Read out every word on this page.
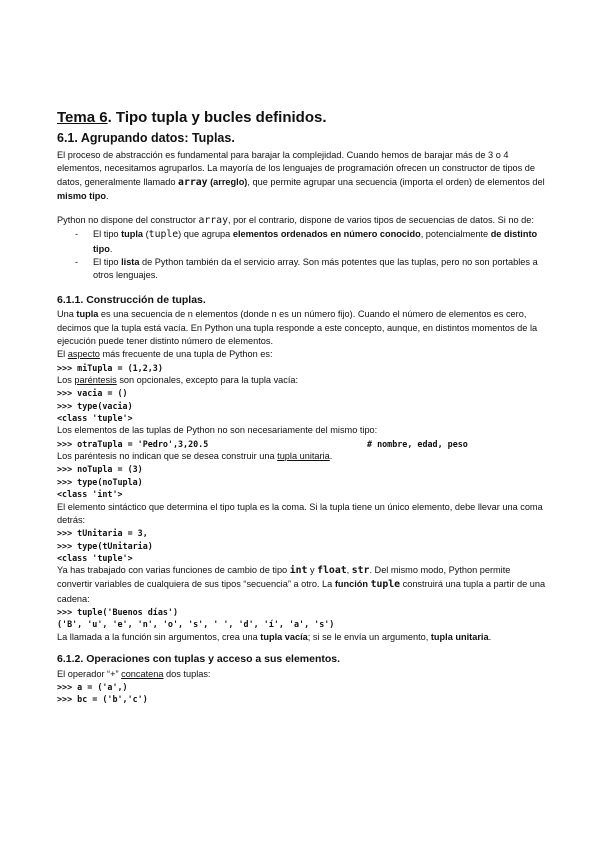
Tema 6. Tipo tupla y bucles definidos.
6.1. Agrupando datos: Tuplas.

El proceso de abstracción es fundamental para barajar la complejidad. Cuando hemos de barajar más de 3 o 4 elementos, necesitamos agruparlos. La mayoría de los lenguajes de programación ofrecen un constructor de tipos de datos, generalmente llamado array (arreglo), que permite agrupar una secuencia (importa el orden) de elementos del mismo tipo.

Python no dispone del constructor array, por el contrario, dispone de varios tipos de secuencias de datos. Si no de:

- El tipo tupla (tuple) que agrupa elementos ordenados en número conocido, potencialmente de distinto tipo.
- El tipo lista de Python también da el servicio array. Son más potentes que las tuplas, pero no son portables a otros lenguajes.
6.1.1. Construcción de tuplas.

Una tupla es una secuencia de n elementos (donde n es un número fijo). Cuando el número de elementos es cero, decimos que la tupla está vacía. En Python una tupla responde a este concepto, aunque, en distintos momentos de la ejecución puede tener distinto número de elementos.

El aspecto más frecuente de una tupla de Python es:

>>> miTupla = (1,2,3)

Los paréntesis son opcionales, excepto para la tupla vacía:

>>> vacia = ()
>>> type(vacia)
<class 'tuple'>

Los elementos de las tuplas de Python no son necesariamente del mismo tipo:

>>> otraTupla = 'Pedro',3,20.5	# nombre, edad, peso

Los paréntesis no indican que se desea construir una tupla unitaria.

>>> noTupla = (3)
>>> type(noTupla)
<class 'int'>

El elemento sintáctico que determina el tipo tupla es la coma. Si la tupla tiene un único elemento, debe llevar una coma detrás:

>>> tUnitaria = 3,
>>> type(tUnitaria)
<class 'tuple'>

Ya has trabajado con varias funciones de cambio de tipo int y float, str. Del mismo modo, Python permite convertir variables de cualquiera de sus tipos “secuencia” a otro. La función tuple construirá una tupla a partir de una cadena:

>>> tuple('Buenos días')
('B', 'u', 'e', 'n', 'o', 's', ' ', 'd', 'í', 'a', 's')

La llamada a la función sin argumentos, crea una tupla vacía; si se le envía un argumento, tupla unitaria.

6.1.2. Operaciones con tuplas y acceso a sus elementos.

El operador “+” concatena dos tuplas:

>>> a = ('a',)
>>> bc = ('b','c')
